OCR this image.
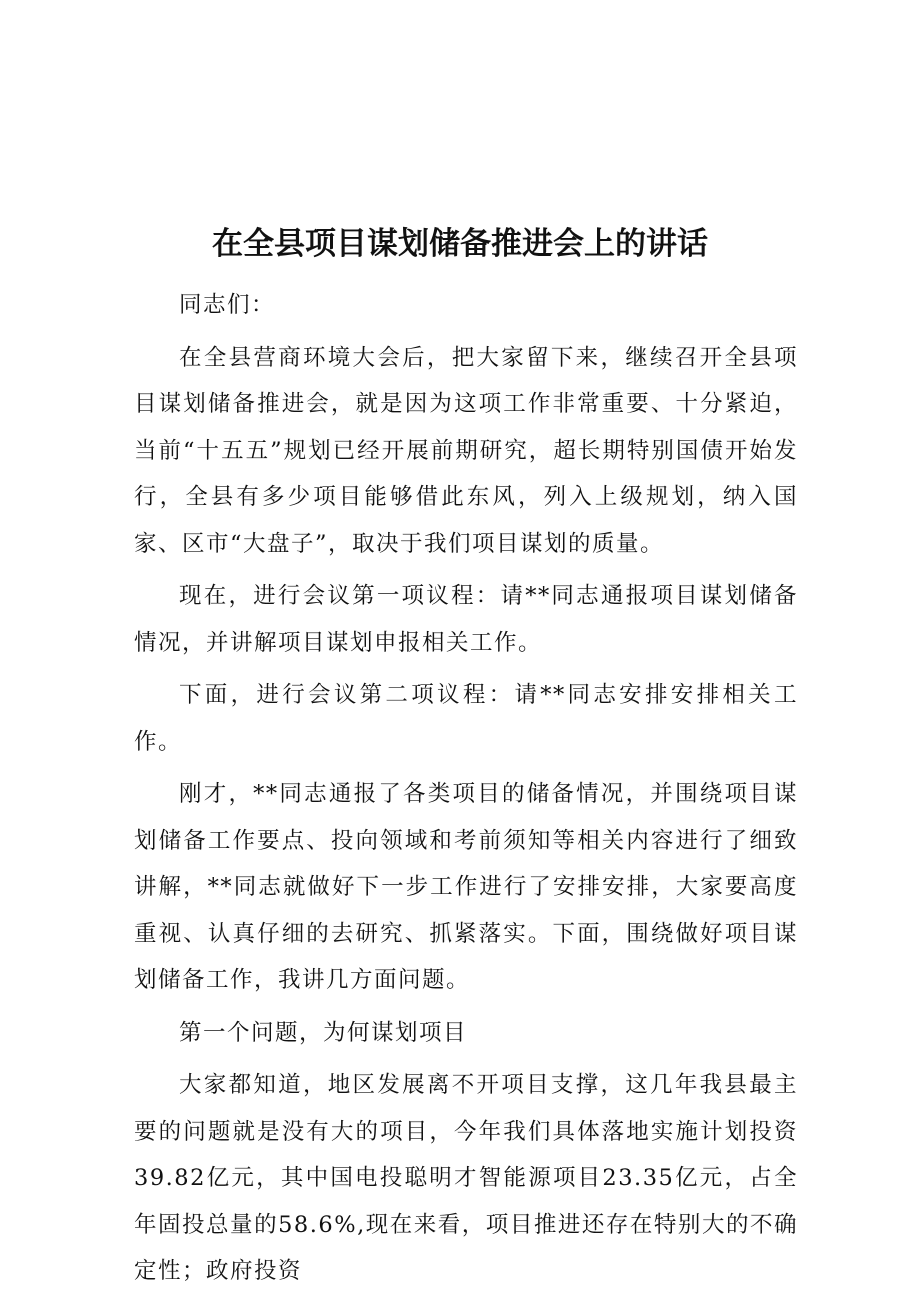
在全县项目谋划储备推进会上的讲话

同志们：

在全县营商环境大会后，把大家留下来，继续召开全县项目谋划储备推进会，就是因为这项工作非常重要、十分紧迫，当前“十五五”规划已经开展前期研究，超长期特别国债开始发行，全县有多少项目能够借此东风，列入上级规划，纳入国家、区市“大盘子”，取决于我们项目谋划的质量。

现在，进行会议第一项议程：请**同志通报项目谋划储备情况，并讲解项目谋划申报相关工作。

下面，进行会议第二项议程：请**同志安排安排相关工作。

刚才，**同志通报了各类项目的储备情况，并围绕项目谋划储备工作要点、投向领域和考前须知等相关内容进行了细致讲解，**同志就做好下一步工作进行了安排安排，大家要高度重视、认真仔细的去研究、抓紧落实。下面，围绕做好项目谋划储备工作，我讲几方面问题。

第一个问题，为何谋划项目

大家都知道，地区发展离不开项目支撑，这几年我县最主要的问题就是没有大的项目，今年我们具体落地实施计划投资39.82亿元，其中国电投聪明才智能源项目23.35亿元，占全年固投总量的58.6%,现在来看，项目推进还存在特别大的不确定性；政府投资
